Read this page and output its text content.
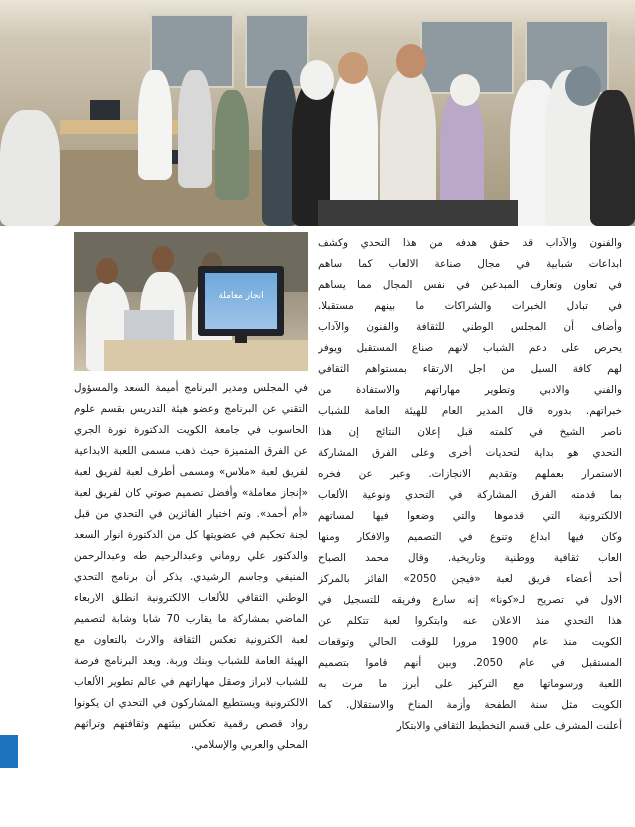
انجاز معاملة
والفنون والآداب قد حقق هدفه من هذا التحدي وكشف
ابداعات شبابية في مجال صناعة الالعاب كما ساهم
في تعاون وتعارف المبدعين في نفس المجال مما يساهم
في تبادل الخبرات والشراكات ما بينهم مستقبلا.
وأضاف أن المجلس الوطني للثقافة والفنون والآداب
يحرص على دعم الشباب لانهم صناع المستقبل ويوفر
لهم كافة السبل من اجل الارتقاء بمستواهم الثقافي
والفني والادبي وتطوير مهاراتهم والاستفادة من
خبراتهم. بدوره قال المدير العام للهيئة العامة للشباب
ناصر الشيخ في كلمته قبل إعلان النتائج إن هذا
التحدي هو بداية لتحديات أخرى وعلى الفرق المشاركة
الاستمرار بعملهم وتقديم الانجازات. وعبر عن فخره
بما قدمته الفرق المشاركة في التحدي ونوعية الألعاب
الالكترونية التي قدموها والتي وضعوا فيها لمساتهم
وكان فيها ابداع وتنوع في التصميم والافكار ومنها
العاب ثقافية ووطنية وتاريخية. وقال محمد الصباح
أحد أعضاء فريق لعبة «فيجن 2050» الفائز بالمركز
الاول في تصريح لـ«كونا» إنه سارع وفريقه للتسجيل في
هذا التحدي منذ الاعلان عنه وابتكروا لعبة تتكلم عن
الكويت منذ عام 1900 مرورا للوقت الحالي وتوقعات
المستقبل في عام 2050. وبين أنهم قاموا بتصميم
اللعبة ورسوماتها مع التركيز على أبرز ما مرت به
الكويت مثل سنة الطفحة وأزمة المناخ والاستقلال. كما
أعلنت المشرف على قسم التخطيط الثقافي والابتكار
في المجلس ومدير البرنامج أميمة السعد والمسؤول
التقني عن البرنامج وعضو هيئة التدريس بقسم علوم
الحاسوب في جامعة الكويت الدكتورة نورة الجري
عن الفرق المتميزة حيث ذهب مسمى اللعبة الابداعية
لفريق لعبة «ملاس» ومسمى أطرف لعبة لفريق لعبة
«إنجاز معاملة» وأفضل تصميم صوتي كان لفريق لعبة
«أم أحمد». وتم اختيار الفائزين في التحدي من قبل
لجنة تحكيم في عضويتها كل من الدكتورة انوار السعد
والدكتور علي روماني وعبدالرحيم طه وعبدالرحمن
المنيفي وجاسم الرشيدي. يذكر أن برنامج التحدي
الوطني الثقافي للألعاب الالكترونية انطلق الاربعاء
الماضي بمشاركة ما يقارب 70 شابا وشابة لتصميم
لعبة الكترونية تعكس الثقافة والارث بالتعاون مع
الهيئة العامة للشباب وبنك وربة. ويعد البرنامج فرصة
للشباب لابراز وصقل مهاراتهم في عالم تطوير الألعاب
الالكترونية ويستطيع المشاركون في التحدي ان يكونوا
رواد قصص رقمية تعكس بيئتهم وثقافتهم وتراثهم
المحلي والعربي والإسلامي.
